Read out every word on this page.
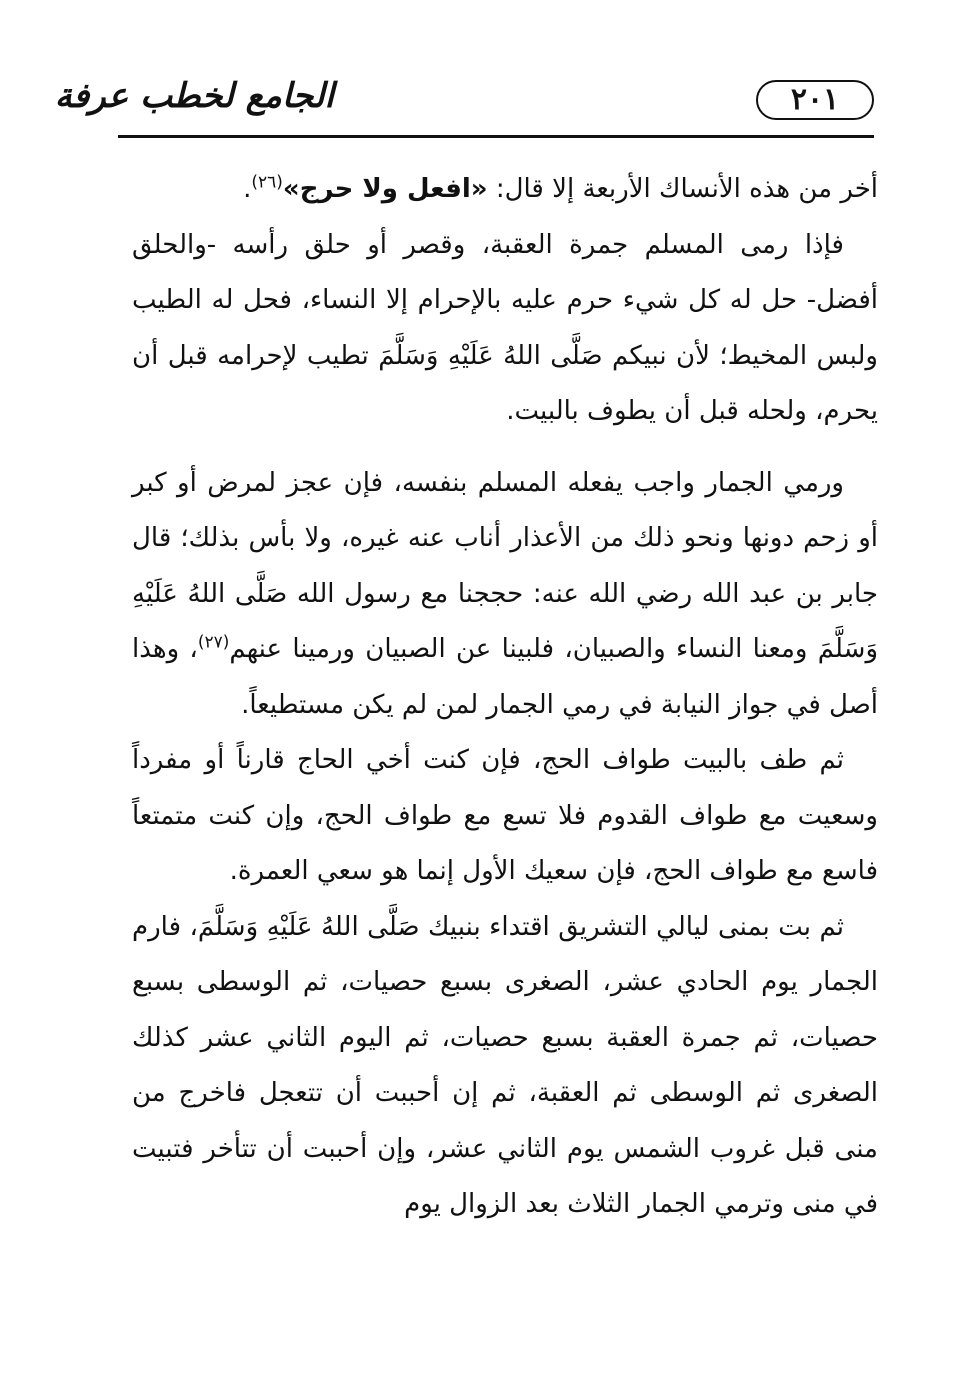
٢٠١
الجامع لخطب عرفة

أخر من هذه الأنساك الأربعة إلا قال: «افعل ولا حرج»$^{(٢٦)}$.

فإذا رمى المسلم جمرة العقبة، وقصر أو حلق رأسه -والحلق أفضل- حل له كل شيء حرم عليه بالإحرام إلا النساء، فحل له الطيب ولبس المخيط؛ لأن نبيكم صَلَّى اللهُ عَلَيْهِ وَسَلَّمَ تطيب لإحرامه قبل أن يحرم، ولحله قبل أن يطوف بالبيت.

ورمي الجمار واجب يفعله المسلم بنفسه، فإن عجز لمرض أو كبر أو زحم دونها ونحو ذلك من الأعذار أناب عنه غيره، ولا بأس بذلك؛ قال جابر بن عبد الله رضي الله عنه: حججنا مع رسول الله صَلَّى اللهُ عَلَيْهِ وَسَلَّمَ ومعنا النساء والصبيان، فلبينا عن الصبيان ورمينا عنهم$^{(٢٧)}$، وهذا أصل في جواز النيابة في رمي الجمار لمن لم يكن مستطيعاً.

ثم طف بالبيت طواف الحج، فإن كنت أخي الحاج قارناً أو مفرداً وسعيت مع طواف القدوم فلا تسع مع طواف الحج، وإن كنت متمتعاً فاسع مع طواف الحج، فإن سعيك الأول إنما هو سعي العمرة.

ثم بت بمنى ليالي التشريق اقتداء بنبيك صَلَّى اللهُ عَلَيْهِ وَسَلَّمَ، فارم الجمار يوم الحادي عشر، الصغرى بسبع حصيات، ثم الوسطى بسبع حصيات، ثم جمرة العقبة بسبع حصيات، ثم اليوم الثاني عشر كذلك الصغرى ثم الوسطى ثم العقبة، ثم إن أحببت أن تتعجل فاخرج من منى قبل غروب الشمس يوم الثاني عشر، وإن أحببت أن تتأخر فتبيت في منى وترمي الجمار الثلاث بعد الزوال يوم
